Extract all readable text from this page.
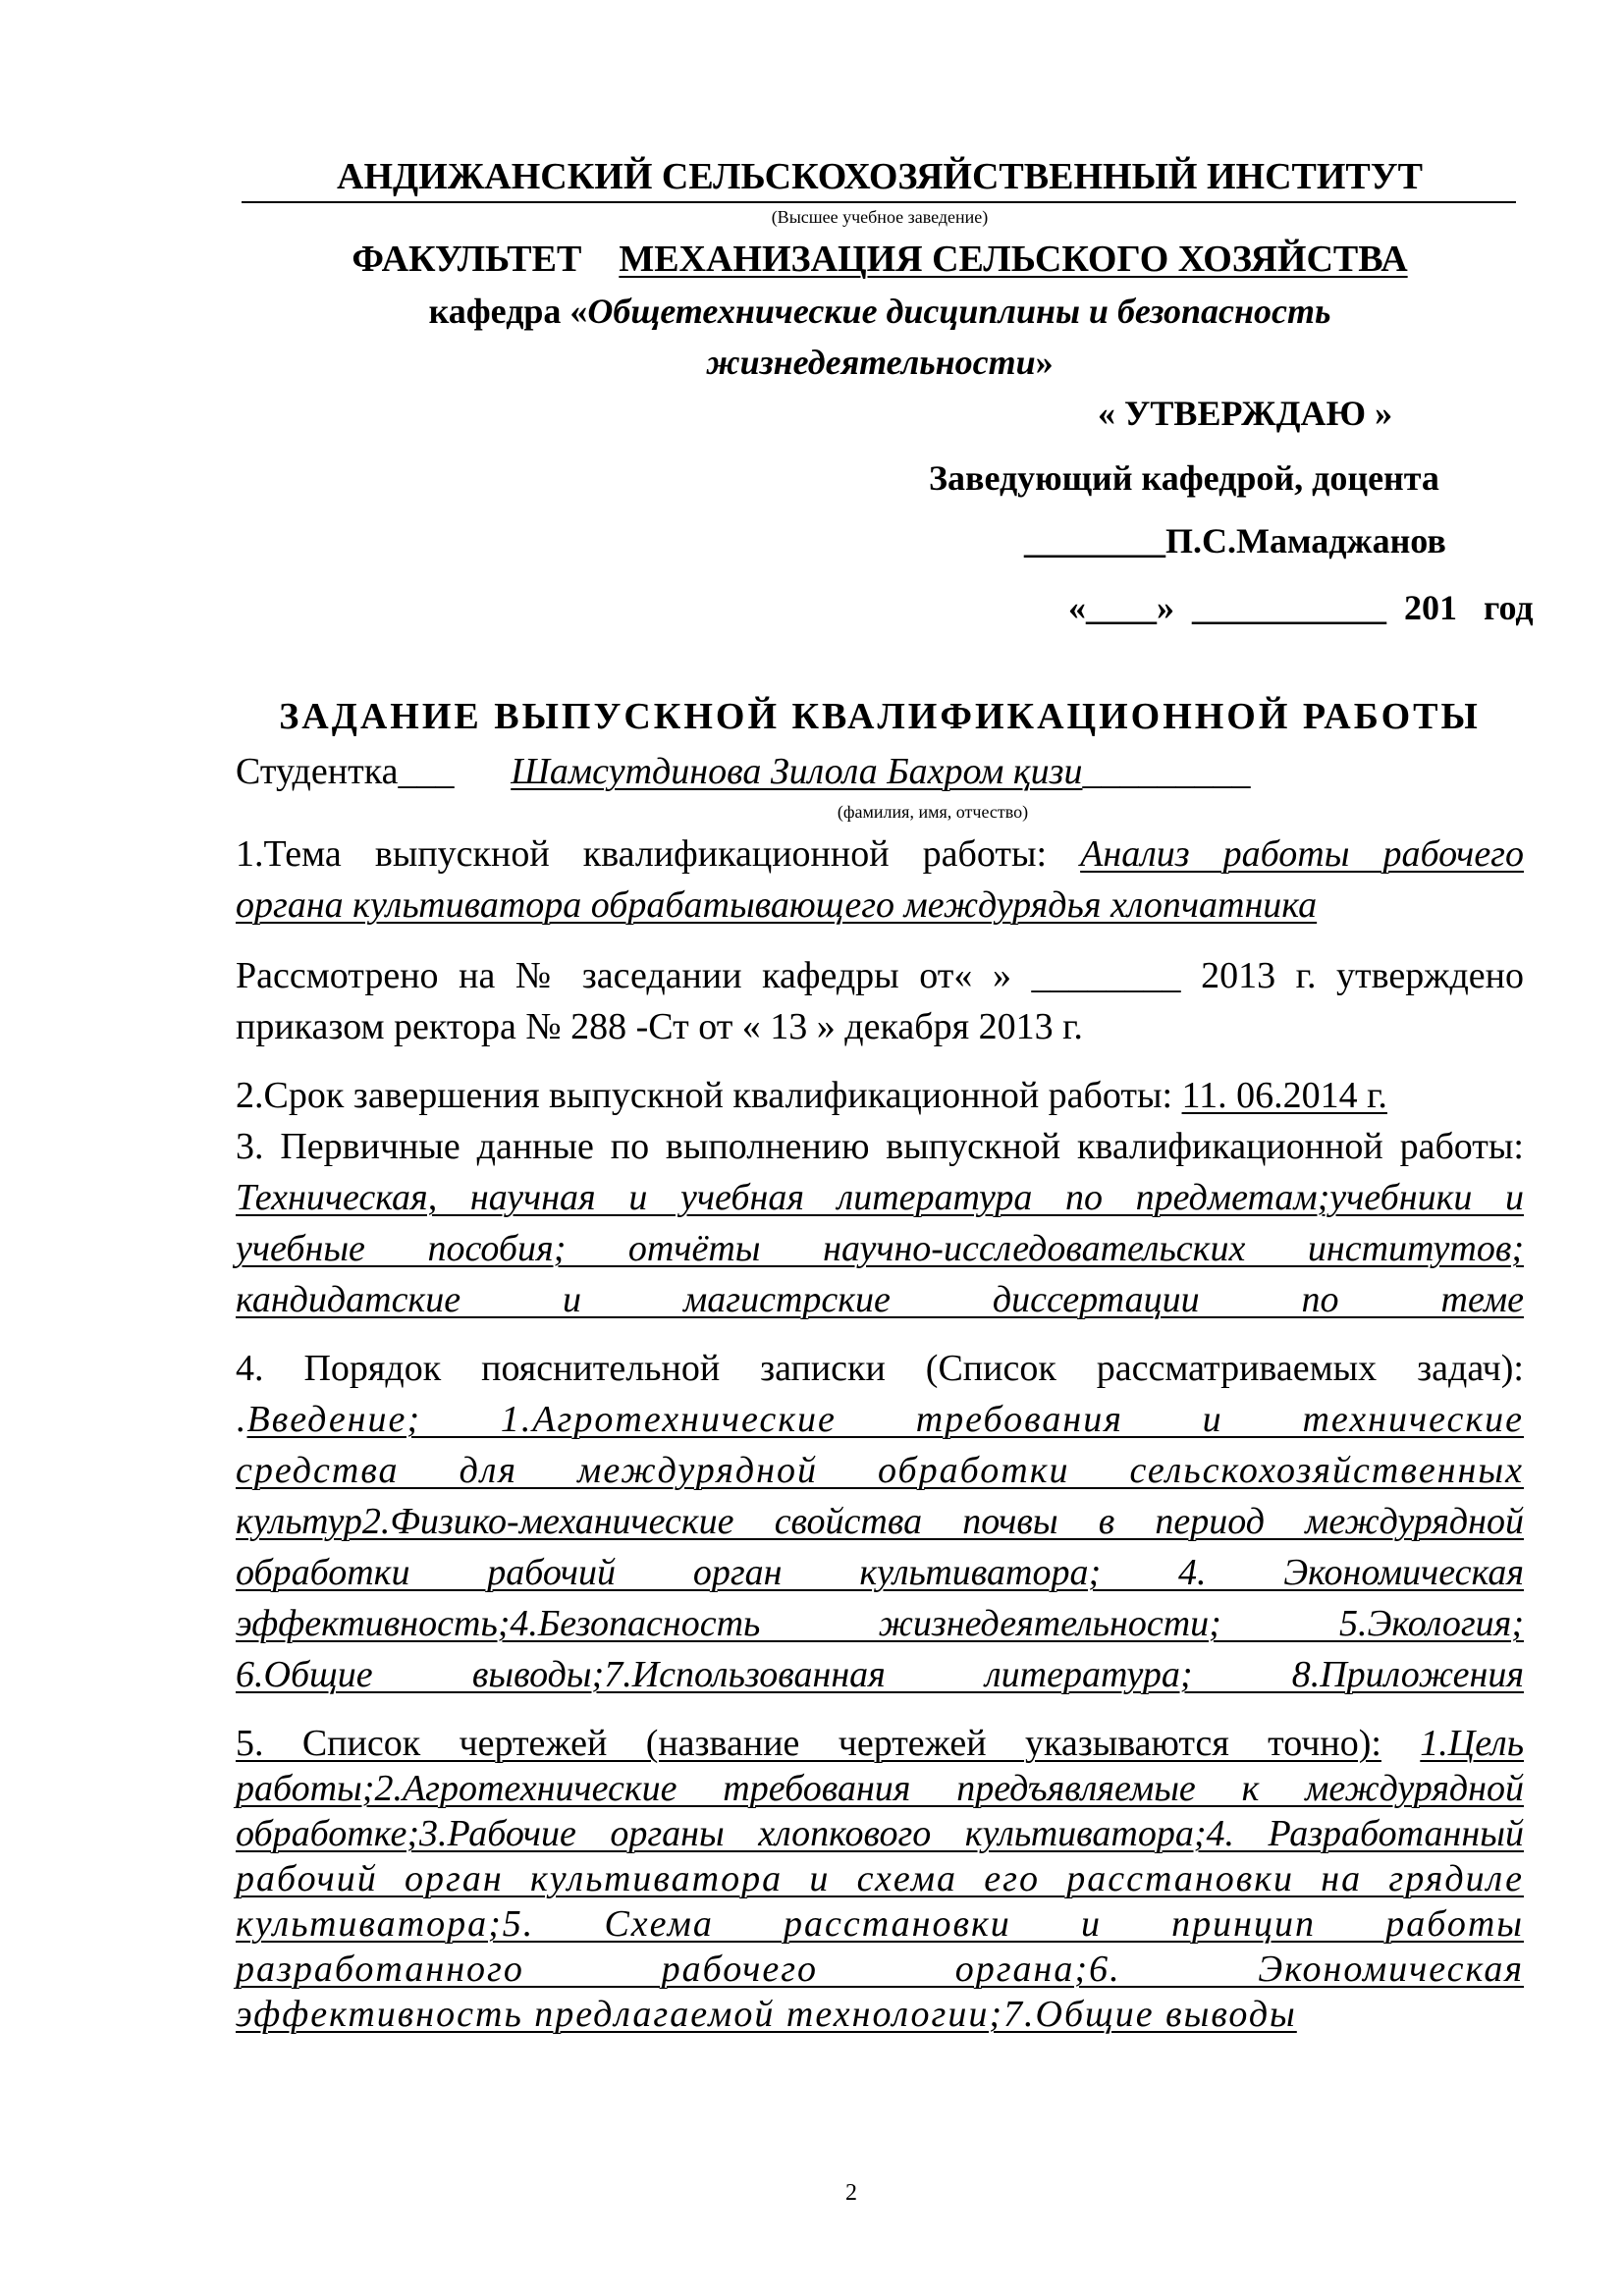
АНДИЖАНСКИЙ СЕЛЬСКОХОЗЯЙСТВЕННЫЙ ИНСТИТУТ
(Высшее учебное заведение)
ФАКУЛЬТЕТ МЕХАНИЗАЦИЯ СЕЛЬСКОГО ХОЗЯЙСТВА
кафедра «Общетехнические дисциплины и безопасность
жизнедеятельности»
« УТВЕРЖДАЮ »
Заведующий кафедрой, доцента
________П.С.Мамаджанов
«____» ___________ 201 год
ЗАДАНИЕ ВЫПУСКНОЙ КВАЛИФИКАЦИОННОЙ РАБОТЫ
Студентка___ Шамсутдинова Зилола Бахром қизи_________
(фамилия, имя, отчество)
1.Тема выпускной квалификационной работы: Анализ работы рабочего
органа культиватора обрабатывающего междурядья хлопчатника
Рассмотрено на № заседании кафедры от« » ________ 2013 г. утверждено
приказом ректора № 288 -Ст от « 13 » декабря 2013 г.
2.Срок завершения выпускной квалификационной работы: 11. 06.2014 г.
3. Первичные данные по выполнению выпускной квалификационной работы:
Техническая, научная и учебная литература по предметам;учебники и
учебные пособия; отчёты научно-исследовательских институтов;
кандидатские и магистрские диссертации по теме
4. Порядок пояснительной записки (Список рассматриваемых задач):
.Введение; 1.Агротехнические требования и технические
средства для междурядной обработки сельскохозяйственных
культур2.Физико-механические свойства почвы в период междурядной
обработки рабочий орган культиватора; 4. Экономическая
эффективность;4.Безопасность жизнедеятельности; 5.Экология;
6.Общие выводы;7.Использованная литература; 8.Приложения
5. Список чертежей (название чертежей указываются точно): 1.Цель
работы;2.Агротехнические требования предъявляемые к междурядной
обработке;3.Рабочие органы хлопкового культиватора;4. Разработанный
рабочий орган культиватора и схема его расстановки на грядиле
культиватора;5. Схема расстановки и принцип работы
разработанного рабочего органа;6. Экономическая
эффективность предлагаемой технологии;7.Общие выводы
2
